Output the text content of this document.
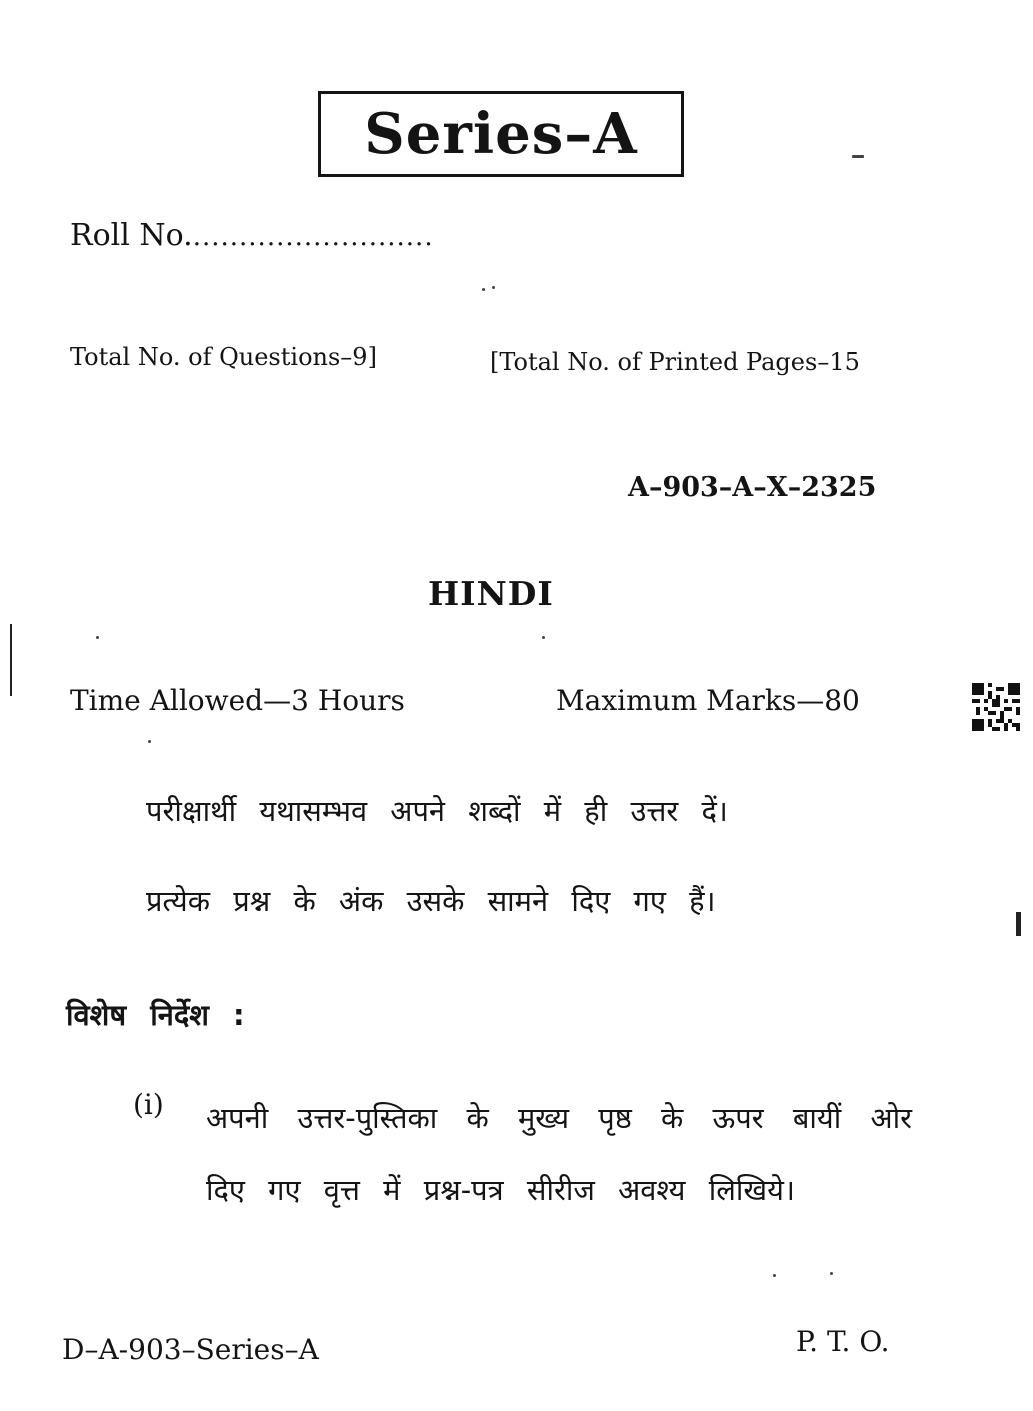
Series–A
Roll No...........................
Total No. of Questions–9]	[Total No. of Printed Pages–15
A–903–A–X–2325
HINDI
Time Allowed—3 Hours	Maximum Marks—80
परीक्षार्थी यथासम्भव अपने शब्दों में ही उत्तर दें।
प्रत्येक प्रश्न के अंक उसके सामने दिए गए हैं।
विशेष निर्देश :
(i) अपनी उत्तर-पुस्तिका के मुख्य पृष्ठ के ऊपर बायीं ओर दिए गए वृत्त में प्रश्न-पत्र सीरीज अवश्य लिखिये।
D–A-903–Series–A	P. T. O.
